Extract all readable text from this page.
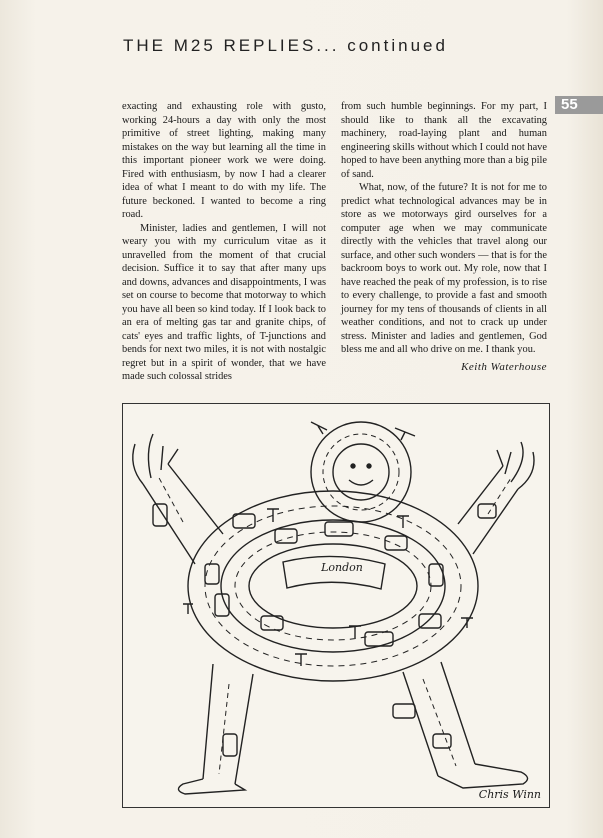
THE M25 REPLIES... continued
55

exacting and exhausting role with gusto, working 24-hours a day with only the most primitive of street lighting, making many mistakes on the way but learning all the time in this important pioneer work we were doing. Fired with enthusiasm, by now I had a clearer idea of what I meant to do with my life. The future beckoned. I wanted to become a ring road.

Minister, ladies and gentlemen, I will not weary you with my curriculum vitae as it unravelled from the moment of that crucial decision. Suffice it to say that after many ups and downs, advances and disappointments, I was set on course to become that motorway to which you have all been so kind today. If I look back to an era of melting gas tar and granite chips, of cats' eyes and traffic lights, of T-junctions and bends for next two miles, it is not with nostalgic regret but in a spirit of wonder, that we have made such colossal strides

from such humble beginnings. For my part, I should like to thank all the excavating machinery, road-laying plant and human engineering skills without which I could not have hoped to have been anything more than a big pile of sand.

What, now, of the future? It is not for me to predict what technological advances may be in store as we motorways gird ourselves for a computer age when we may communicate directly with the vehicles that travel along our surface, and other such wonders — that is for the backroom boys to work out. My role, now that I have reached the peak of my profession, is to rise to every challenge, to provide a fast and smooth journey for my tens of thousands of clients in all weather conditions, and not to crack up under stress. Minister and ladies and gentlemen, God bless me and all who drive on me. I thank you.

Keith Waterhouse
London
Chris Winn
